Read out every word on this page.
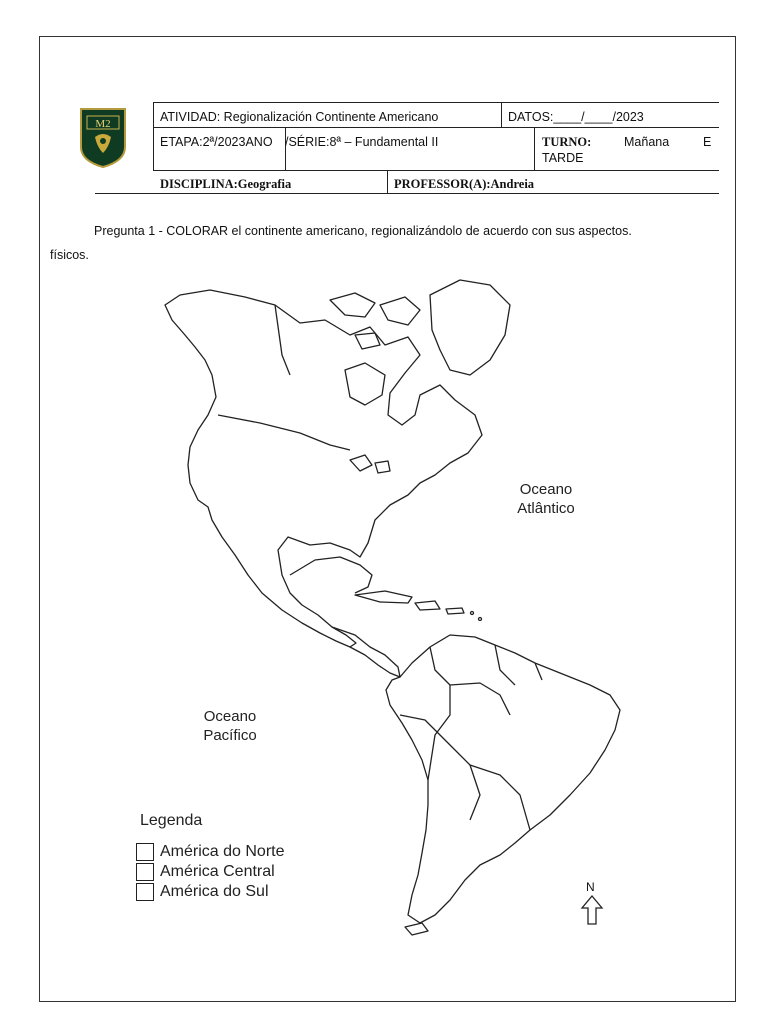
M2	ATIVIDAD: Regionalización Continente Americano	DATOS:____/____/2023
ETAPA:2ª/2023ANO /SÉRIE:8ª – Fundamental II	TURNO:	Mañana	E
TARDE
DISCIPLINA:Geografia	PROFESSOR(A):Andreia
Pregunta 1 - COLORAR el continente americano, regionalizándolo de acuerdo con sus aspectos.
físicos.
Oceano
Atlântico
Oceano
Pacífico
Legenda
América do Norte
América Central
América do Sul	N
